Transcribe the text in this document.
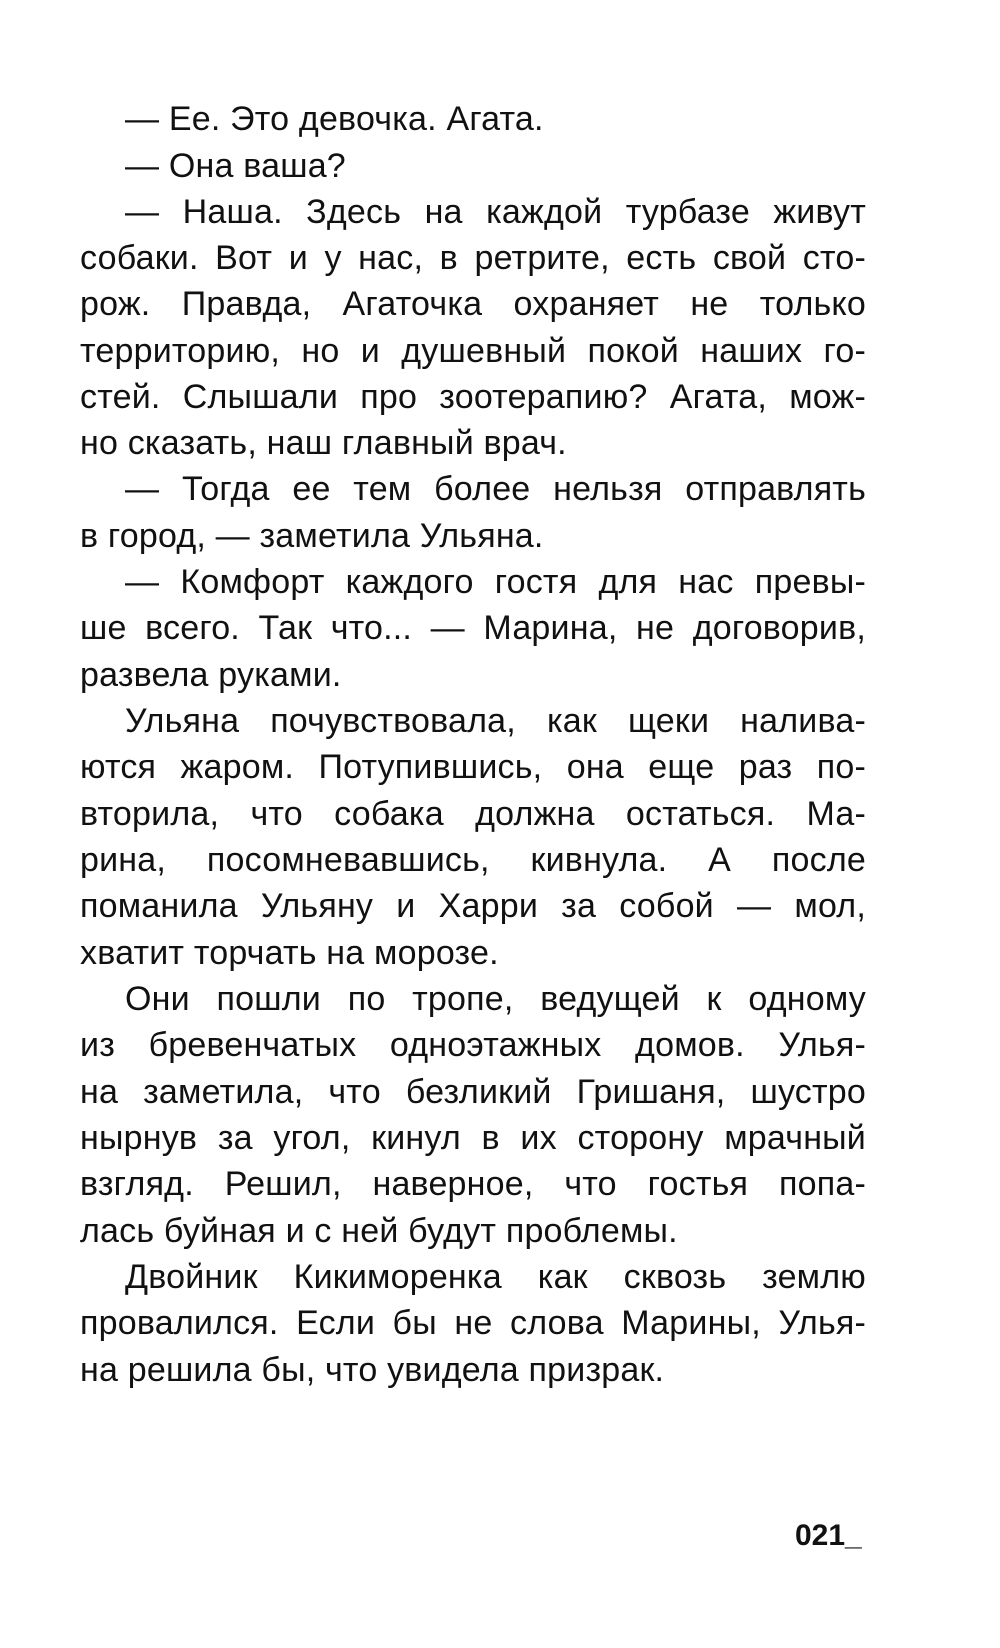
— Ее. Это девочка. Агата.
— Она ваша?
— Наша. Здесь на каждой турбазе живут
собаки. Вот и у нас, в ретрите, есть свой сто-
рож. Правда, Агаточка охраняет не только
территорию, но и душевный покой наших го-
стей. Слышали про зоотерапию? Агата, мож-
но сказать, наш главный врач.
— Тогда ее тем более нельзя отправлять
в город, — заметила Ульяна.
— Комфорт каждого гостя для нас превы-
ше всего. Так что... — Марина, не договорив,
развела руками.
Ульяна почувствовала, как щеки налива-
ются жаром. Потупившись, она еще раз по-
вторила, что собака должна остаться. Ма-
рина, посомневавшись, кивнула. А после
поманила Ульяну и Харри за собой — мол,
хватит торчать на морозе.
Они пошли по тропе, ведущей к одному
из бревенчатых одноэтажных домов. Улья-
на заметила, что безликий Гришаня, шустро
нырнув за угол, кинул в их сторону мрачный
взгляд. Решил, наверное, что гостья попа-
лась буйная и с ней будут проблемы.
Двойник Кикиморенка как сквозь землю
провалился. Если бы не слова Марины, Улья-
на решила бы, что увидела призрак.
021_
